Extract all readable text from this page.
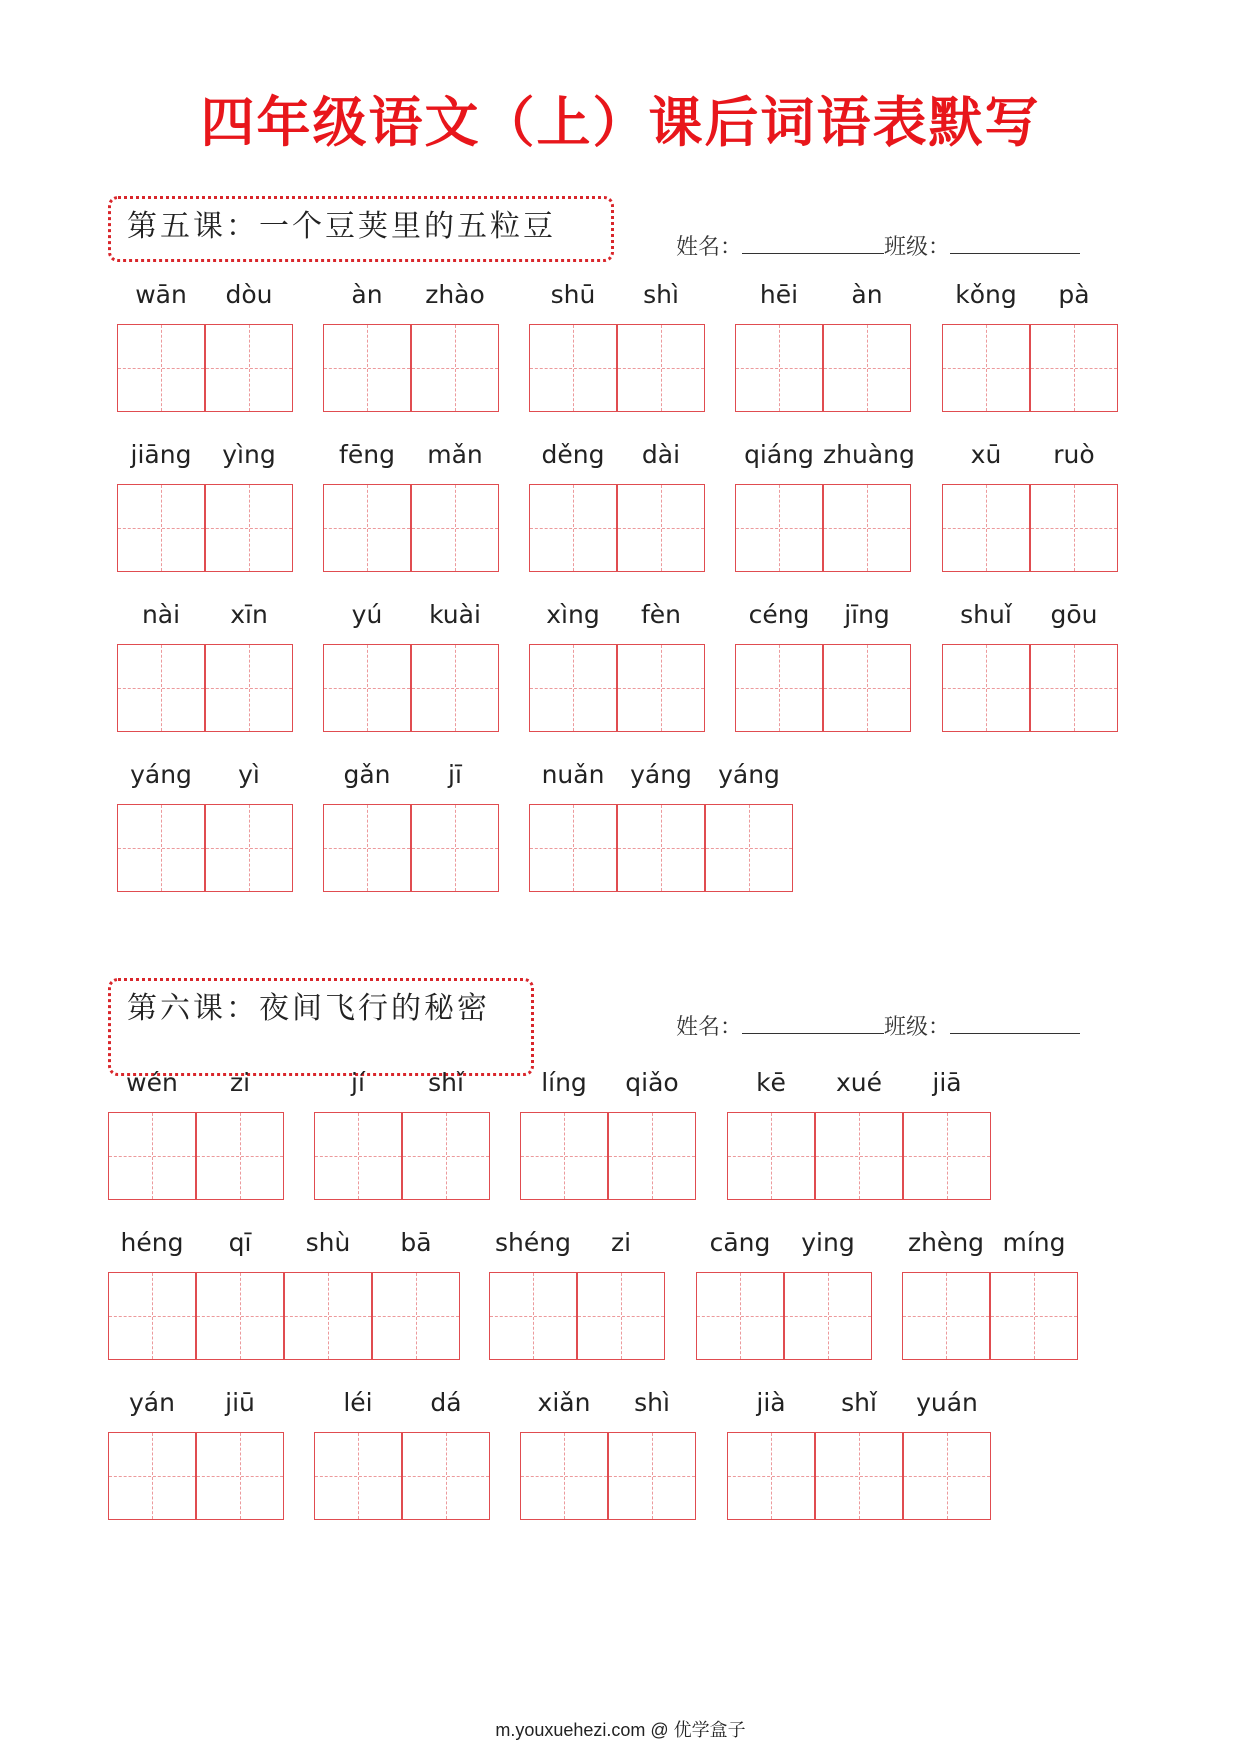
四年级语文（上）课后词语表默写
第五课：一个豆荚里的五粒豆
姓名：	班级：
第六课：夜间飞行的秘密
姓名：	班级：
wān	dòu	àn	zhào	shū	shì	hēi	àn	kǒng	pà
jiāng	yìng	fēng	mǎn	děng	dài	qiáng zhuàng	xū	ruò
nài	xīn	yú	kuài	xìng	fèn	céng	jīng	shuǐ	gōu
yáng	yì	gǎn	jī	nuǎn	yáng	yáng
wén	zi	jí	shǐ	líng	qiǎo	kē	xué	jiā
héng	qī	shù	bā	shéng	zi	cāng	ying	zhèng míng
yán	jiū	léi	dá	xiǎn	shì	jià	shǐ	yuán
m.youxuehezi.com @ 优学盒子
